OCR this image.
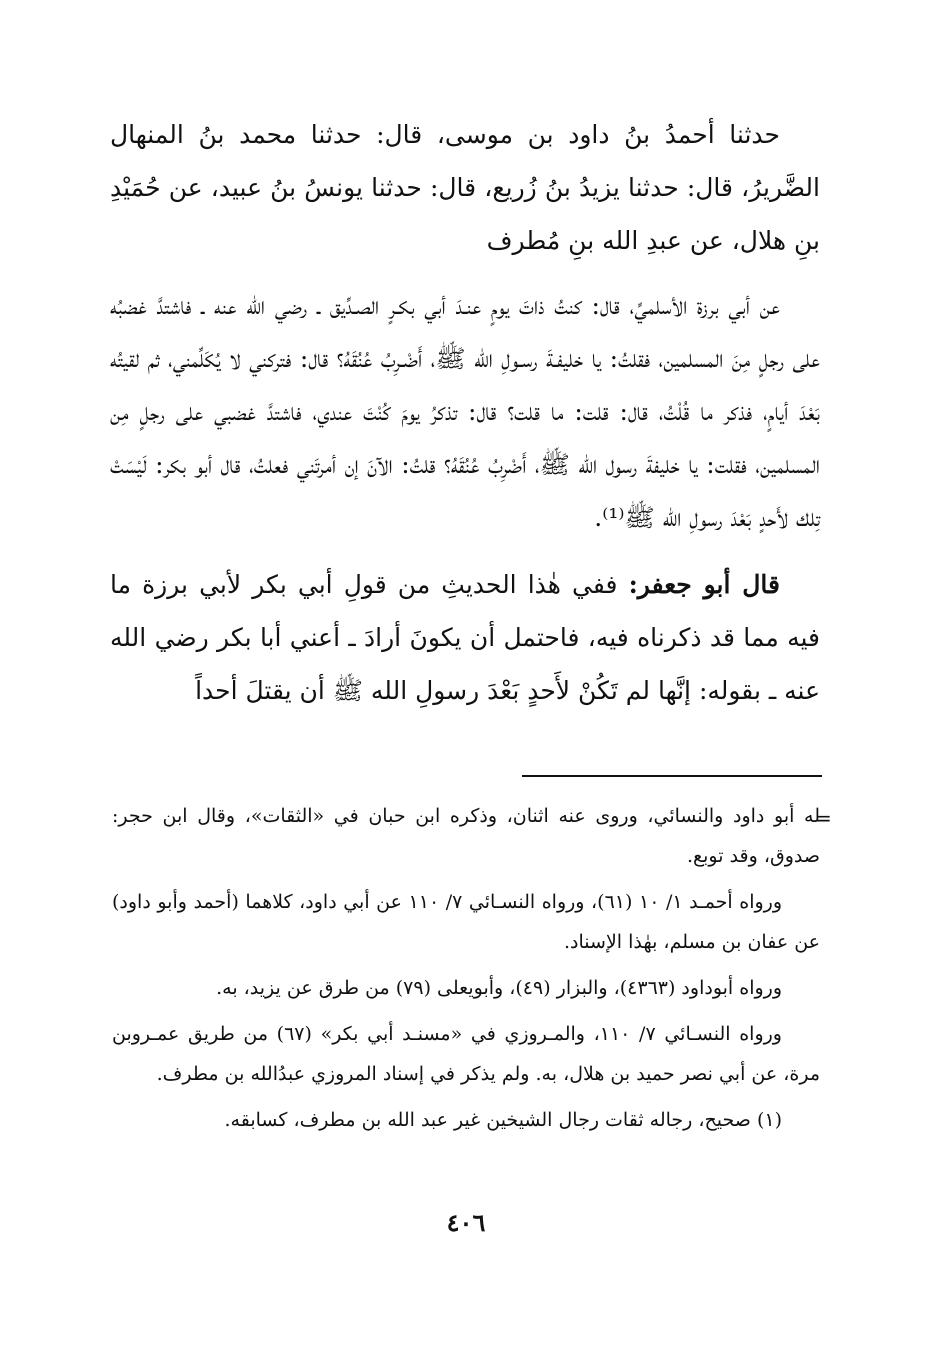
حدثنا أحمدُ بنُ داود بن موسى، قال: حدثنا محمد بنُ المنهال الضَّريرُ، قال: حدثنا يزيدُ بنُ زُريع، قال: حدثنا يونسُ بنُ عبيد، عن حُمَيْدِ بنِ هلال، عن عبدِ الله بنِ مُطرف

عن أبي برزة الأسلميِّ، قال: كنتُ ذاتَ يومٍ عنـدَ أبي بكـرٍ الصـدِّيق ـ رضي الله عنه ـ فاشتدَّ غضبُه على رجلٍ مِنَ المسلمين، فقلتُ: يا خليفـةَ رسـولِ الله ﷺ، أَضْـرِبُ عُنُقَهُ؟ قال: فتركني لا يُكَلِّمني، ثم لقيتُه بَعْدَ أيامٍ، فذكر ما قُلْتُ، قال: قلت: ما قلت؟ قال: تذكرُ يومَ كُنْتَ عندي، فاشتدَّ غضبي على رجلٍ مِن المسلمين، فقلت: يا خليفةَ رسول الله ﷺ، أَضْرِبُ عُنُقَهُ؟ قلتُ: الآنَ إن أمرتَني فعلتُ، قال أبو بكر: لَيْسَتْ تِلك لأَحدٍ بَعْدَ رسولِ الله ﷺ⁽¹⁾.

قال أبو جعفر: ففي هٰذا الحديثِ من قولِ أبي بكر لأبي برزة ما فيه مما قد ذكرناه فيه، فاحتمل أن يكونَ أرادَ ـ أعني أبا بكر رضي الله عنه ـ بقوله: إنَّها لم تَكُنْ لأَحدٍ بَعْدَ رسولِ الله ﷺ أن يقتلَ أحداً

=

له أبو داود والنسائي، وروى عنه اثنان، وذكره ابن حبان في «الثقات»، وقال ابن حجر: صدوق، وقد توبع.

ورواه أحمـد ١/ ١٠ (٦١)، ورواه النسـائي ٧/ ١١٠ عن أبي داود، كلاهما (أحمد وأبو داود) عن عفان بن مسلم، بهٰذا الإسناد.

ورواه أبوداود (٤٣٦٣)، والبزار (٤٩)، وأبويعلى (٧٩) من طرق عن يزيد، به.

ورواه النسـائي ٧/ ١١٠، والمـروزي في «مسنـد أبي بكر» (٦٧) من طريق عمـروبن مرة، عن أبي نصر حميد بن هلال، به. ولم يذكر في إسناد المروزي عبدُالله بن مطرف.

(١) صحيح، رجاله ثقات رجال الشيخين غير عبد الله بن مطرف، كسابقه.

٤٠٦
